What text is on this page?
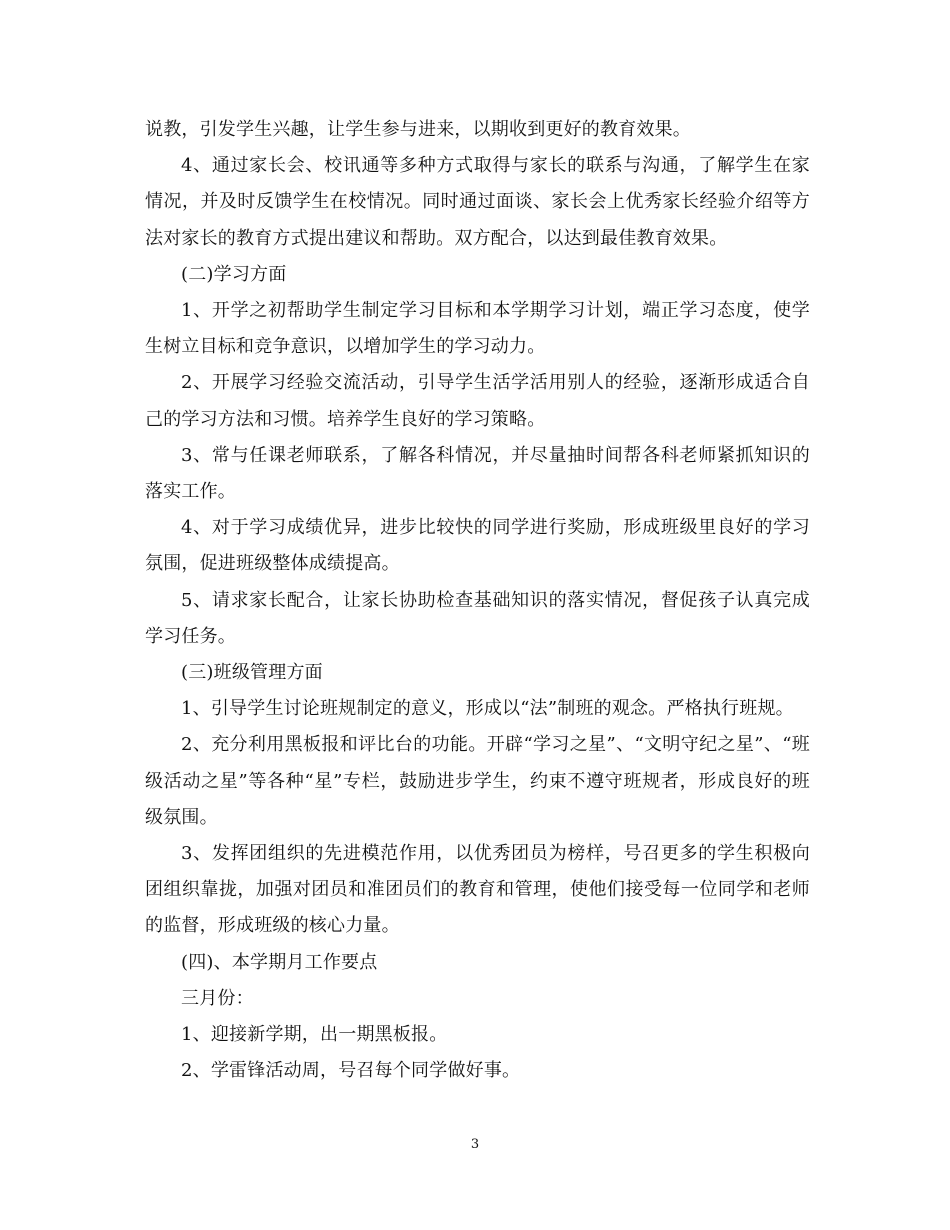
说教，引发学生兴趣，让学生参与进来，以期收到更好的教育效果。

4、通过家长会、校讯通等多种方式取得与家长的联系与沟通，了解学生在家情况，并及时反馈学生在校情况。同时通过面谈、家长会上优秀家长经验介绍等方法对家长的教育方式提出建议和帮助。双方配合，以达到最佳教育效果。

(二)学习方面

1、开学之初帮助学生制定学习目标和本学期学习计划，端正学习态度，使学生树立目标和竞争意识，以增加学生的学习动力。

2、开展学习经验交流活动，引导学生活学活用别人的经验，逐渐形成适合自己的学习方法和习惯。培养学生良好的学习策略。

3、常与任课老师联系，了解各科情况，并尽量抽时间帮各科老师紧抓知识的落实工作。

4、对于学习成绩优异，进步比较快的同学进行奖励，形成班级里良好的学习氛围，促进班级整体成绩提高。

5、请求家长配合，让家长协助检查基础知识的落实情况，督促孩子认真完成学习任务。

(三)班级管理方面

1、引导学生讨论班规制定的意义，形成以“法”制班的观念。严格执行班规。

2、充分利用黑板报和评比台的功能。开辟“学习之星”、“文明守纪之星”、“班级活动之星”等各种“星”专栏，鼓励进步学生，约束不遵守班规者，形成良好的班级氛围。

3、发挥团组织的先进模范作用，以优秀团员为榜样，号召更多的学生积极向团组织靠拢，加强对团员和准团员们的教育和管理，使他们接受每一位同学和老师的监督，形成班级的核心力量。

(四)、本学期月工作要点

三月份：

1、迎接新学期，出一期黑板报。

2、学雷锋活动周，号召每个同学做好事。

3
